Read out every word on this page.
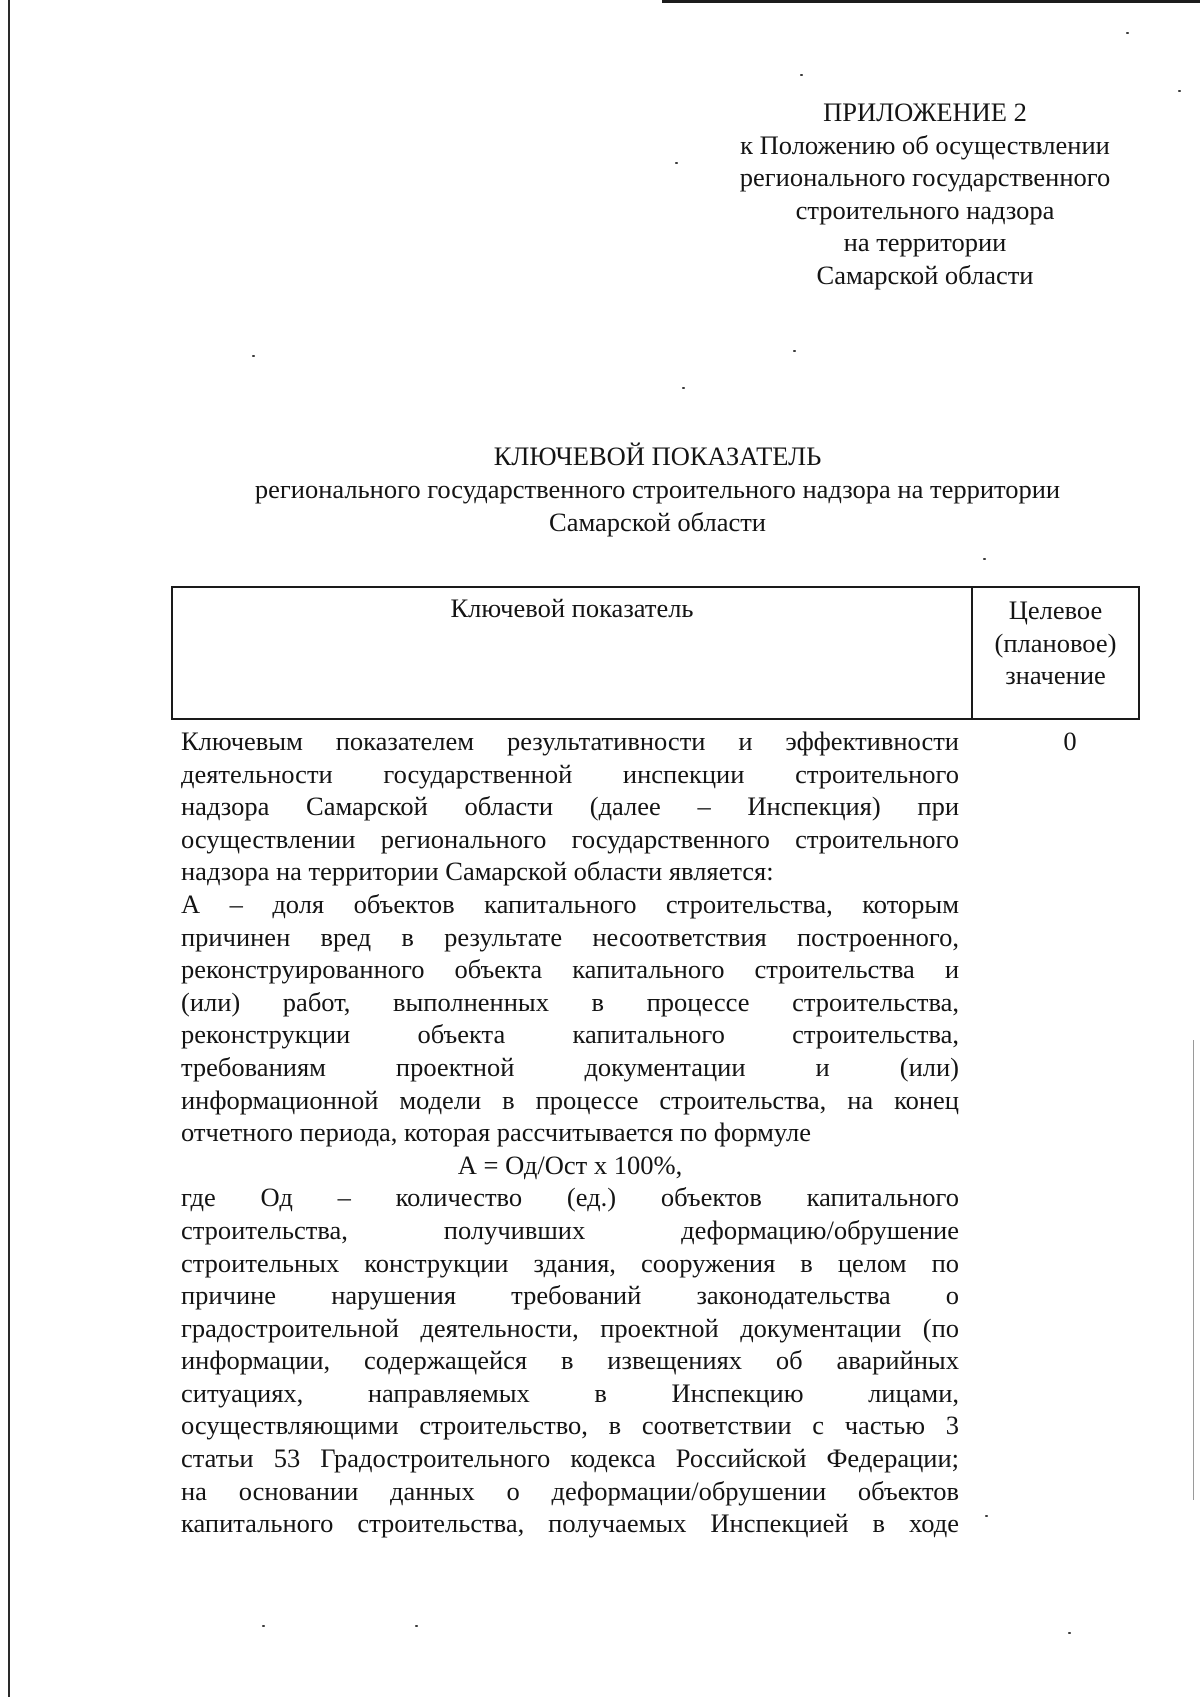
ПРИЛОЖЕНИЕ 2
к Положению об осуществлении
регионального государственного
строительного надзора
на территории
Самарской области
КЛЮЧЕВОЙ ПОКАЗАТЕЛЬ
регионального государственного строительного надзора на территории
Самарской области
Ключевой показатель	Целевое
(плановое)
значение
0
Ключевым показателем результативности и эффективности
деятельности государственной инспекции строительного
надзора Самарской области (далее – Инспекция) при
осуществлении регионального государственного строительного
надзора на территории Самарской области является:
А – доля объектов капитального строительства, которым
причинен вред в результате несоответствия построенного,
реконструированного объекта капитального строительства и
(или) работ, выполненных в процессе строительства,
реконструкции объекта капитального строительства,
требованиям проектной документации и (или)
информационной модели в процессе строительства, на конец
отчетного периода, которая рассчитывается по формуле
А = Од/Ост х 100%,
где Од – количество (ед.) объектов капитального
строительства, получивших деформацию/обрушение
строительных конструкции здания, сооружения в целом по
причине нарушения требований законодательства о
градостроительной деятельности, проектной документации (по
информации, содержащейся в извещениях об аварийных
ситуациях, направляемых в Инспекцию лицами,
осуществляющими строительство, в соответствии с частью 3
статьи 53 Градостроительного кодекса Российской Федерации;
на основании данных о деформации/обрушении объектов
капитального строительства, получаемых Инспекцией в ходе
